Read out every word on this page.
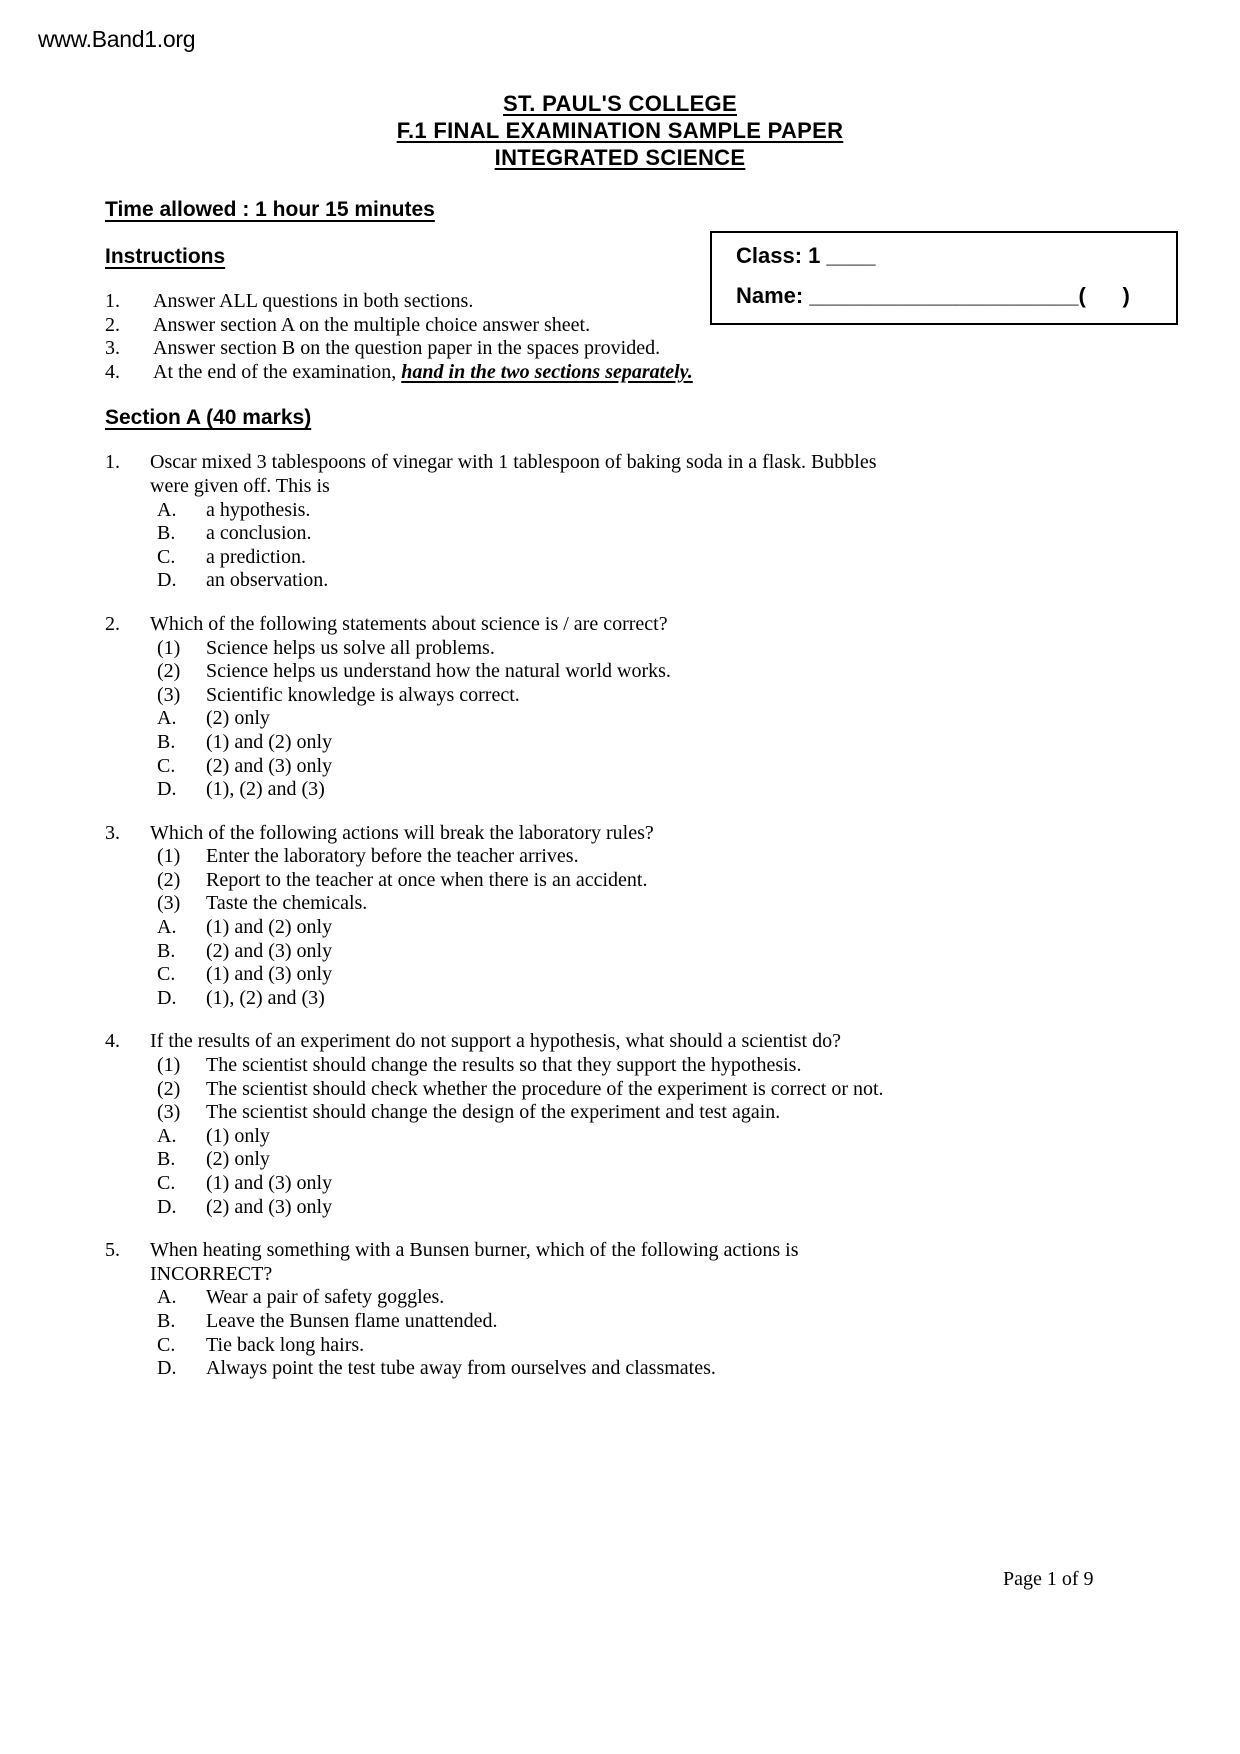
www.Band1.org
ST. PAUL'S COLLEGE
F.1 FINAL EXAMINATION SAMPLE PAPER
INTEGRATED SCIENCE
Class: 1 ____
Name: ______________________(      )
Time allowed : 1 hour 15 minutes
Instructions
1.	Answer ALL questions in both sections.
2.	Answer section A on the multiple choice answer sheet.
3.	Answer section B on the question paper in the spaces provided.
4.	At the end of the examination, hand in the two sections separately.
Section A (40 marks)
1.	Oscar mixed 3 tablespoons of vinegar with 1 tablespoon of baking soda in a flask. Bubbles
were given off. This is
A.	a hypothesis.
B.	a conclusion.
C.	a prediction.
D.	an observation.
2.	Which of the following statements about science is / are correct?
(1)	Science helps us solve all problems.
(2)	Science helps us understand how the natural world works.
(3)	Scientific knowledge is always correct.
A.	(2) only
B.	(1) and (2) only
C.	(2) and (3) only
D.	(1), (2) and (3)
3.	Which of the following actions will break the laboratory rules?
(1)	Enter the laboratory before the teacher arrives.
(2)	Report to the teacher at once when there is an accident.
(3)	Taste the chemicals.
A.	(1) and (2) only
B.	(2) and (3) only
C.	(1) and (3) only
D.	(1), (2) and (3)
4.	If the results of an experiment do not support a hypothesis, what should a scientist do?
(1)	The scientist should change the results so that they support the hypothesis.
(2)	The scientist should check whether the procedure of the experiment is correct or not.
(3)	The scientist should change the design of the experiment and test again.
A.	(1) only
B.	(2) only
C.	(1) and (3) only
D.	(2) and (3) only
5.	When heating something with a Bunsen burner, which of the following actions is
INCORRECT?
A.	Wear a pair of safety goggles.
B.	Leave the Bunsen flame unattended.
C.	Tie back long hairs.
D.	Always point the test tube away from ourselves and classmates.
Page 1 of 9
